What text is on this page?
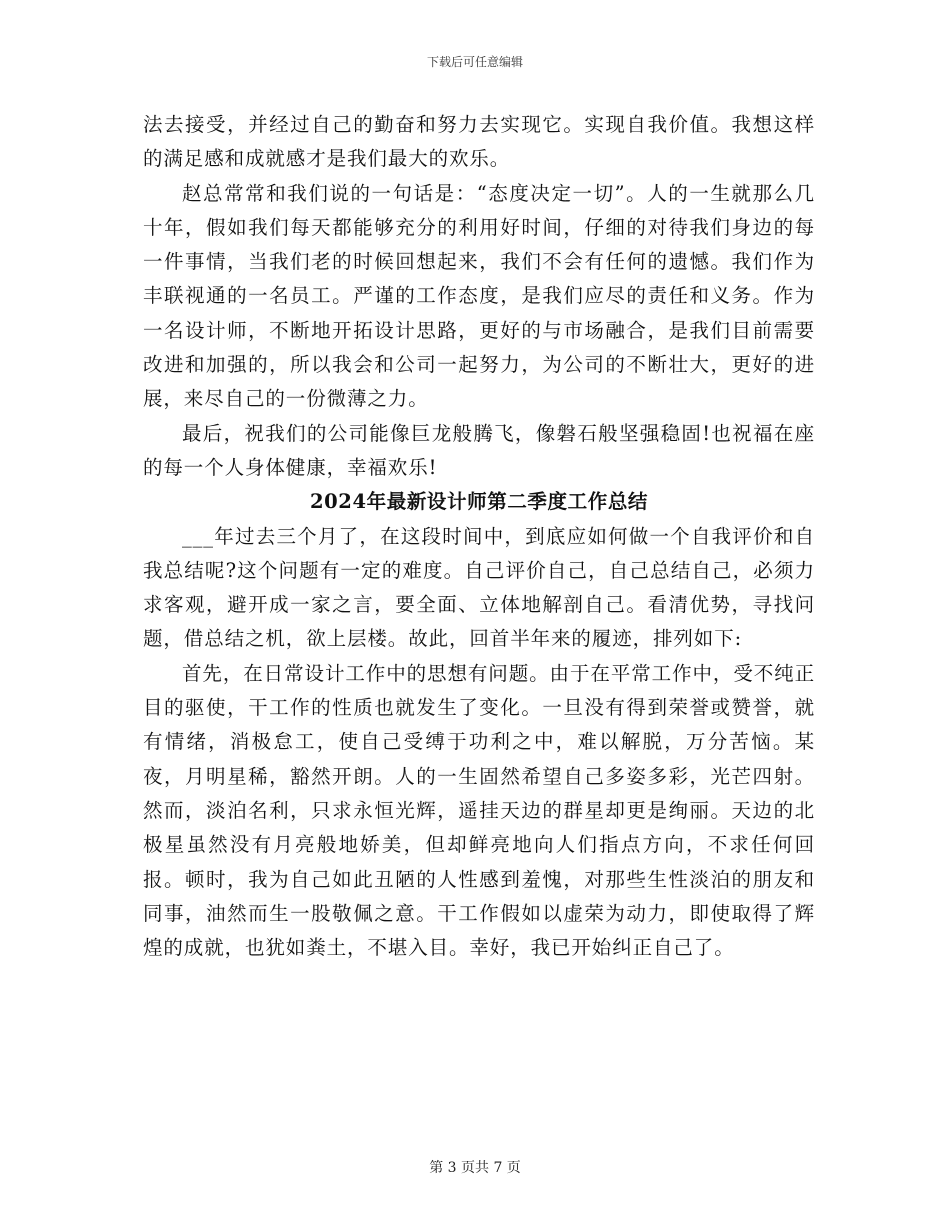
下载后可任意编辑

法去接受，并经过自己的勤奋和努力去实现它。实现自我价值。我想这样的满足感和成就感才是我们最大的欢乐。

赵总常常和我们说的一句话是：“态度决定一切”。人的一生就那么几十年，假如我们每天都能够充分的利用好时间，仔细的对待我们身边的每一件事情，当我们老的时候回想起来，我们不会有任何的遗憾。我们作为丰联视通的一名员工。严谨的工作态度，是我们应尽的责任和义务。作为一名设计师，不断地开拓设计思路，更好的与市场融合，是我们目前需要改进和加强的，所以我会和公司一起努力，为公司的不断壮大，更好的进展，来尽自己的一份微薄之力。

最后，祝我们的公司能像巨龙般腾飞，像磐石般坚强稳固!也祝福在座的每一个人身体健康，幸福欢乐!

2024年最新设计师第二季度工作总结

___年过去三个月了，在这段时间中，到底应如何做一个自我评价和自我总结呢?这个问题有一定的难度。自己评价自己，自己总结自己，必须力求客观，避开成一家之言，要全面、立体地解剖自己。看清优势，寻找问题，借总结之机，欲上层楼。故此，回首半年来的履迹，排列如下:

首先，在日常设计工作中的思想有问题。由于在平常工作中，受不纯正目的驱使，干工作的性质也就发生了变化。一旦没有得到荣誉或赞誉，就有情绪，消极怠工，使自己受缚于功利之中，难以解脱，万分苦恼。某夜，月明星稀，豁然开朗。人的一生固然希望自己多姿多彩，光芒四射。然而，淡泊名利，只求永恒光辉，遥挂天边的群星却更是绚丽。天边的北极星虽然没有月亮般地娇美，但却鲜亮地向人们指点方向，不求任何回报。顿时，我为自己如此丑陋的人性感到羞愧，对那些生性淡泊的朋友和同事，油然而生一股敬佩之意。干工作假如以虚荣为动力，即使取得了辉煌的成就，也犹如粪土，不堪入目。幸好，我已开始纠正自己了。

第 3 页共 7 页
